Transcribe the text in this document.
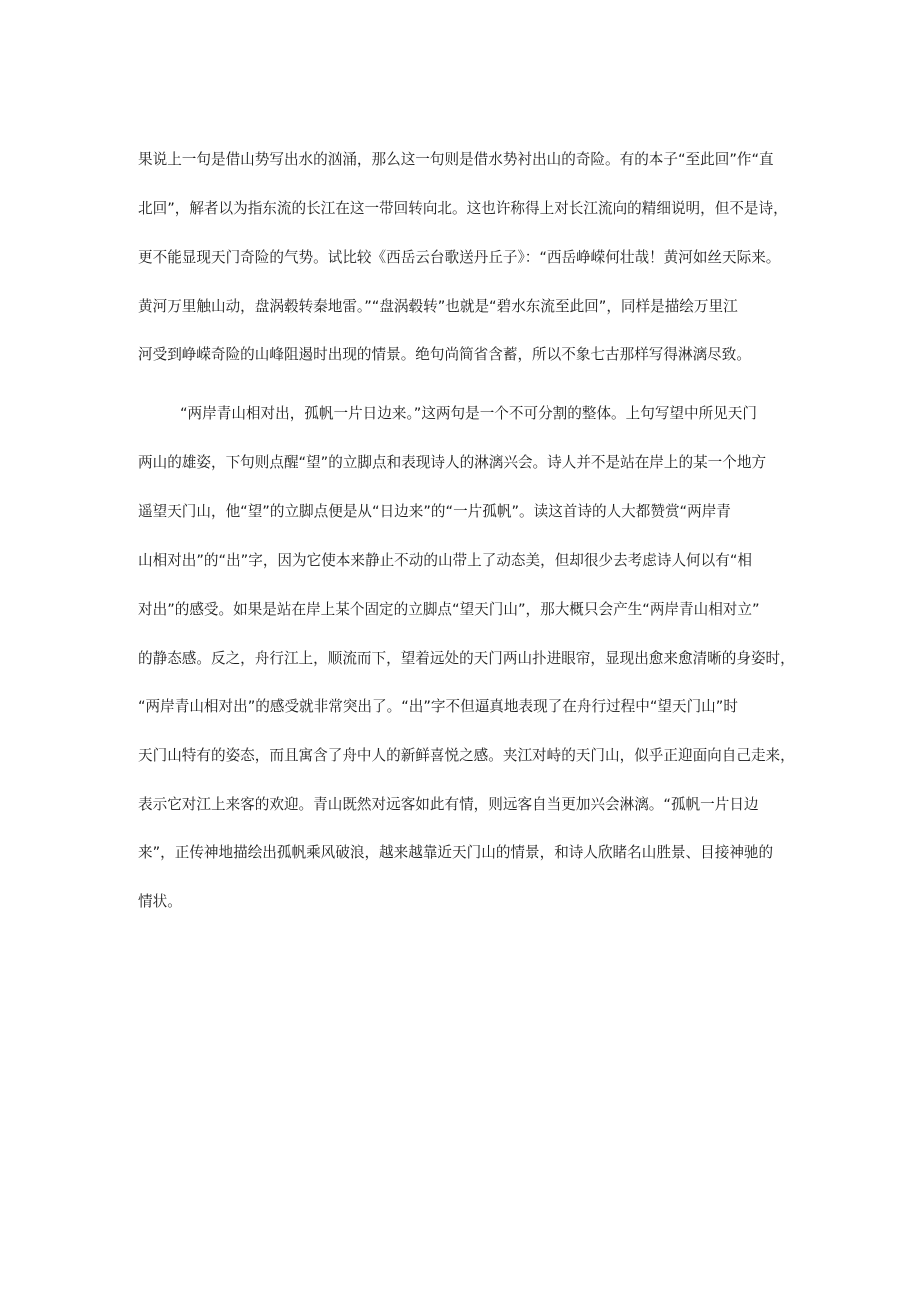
果说上一句是借山势写出水的汹涌，那么这一句则是借水势衬出山的奇险。有的本子“至此回”作“直
北回”，解者以为指东流的长江在这一带回转向北。这也许称得上对长江流向的精细说明，但不是诗，
更不能显现天门奇险的气势。试比较《西岳云台歌送丹丘子》：“西岳峥嵘何壮哉！黄河如丝天际来。
黄河万里触山动，盘涡毂转秦地雷。”“盘涡毂转”也就是“碧水东流至此回”，同样是描绘万里江
河受到峥嵘奇险的山峰阻遏时出现的情景。绝句尚简省含蓄，所以不象七古那样写得淋漓尽致。
“两岸青山相对出，孤帆一片日边来。”这两句是一个不可分割的整体。上句写望中所见天门
两山的雄姿，下句则点醒“望”的立脚点和表现诗人的淋漓兴会。诗人并不是站在岸上的某一个地方
遥望天门山，他“望”的立脚点便是从“日边来”的“一片孤帆”。读这首诗的人大都赞赏“两岸青
山相对出”的“出”字，因为它使本来静止不动的山带上了动态美，但却很少去考虑诗人何以有“相
对出”的感受。如果是站在岸上某个固定的立脚点“望天门山”，那大概只会产生“两岸青山相对立”
的静态感。反之，舟行江上，顺流而下，望着远处的天门两山扑进眼帘，显现出愈来愈清晰的身姿时，
“两岸青山相对出”的感受就非常突出了。“出”字不但逼真地表现了在舟行过程中“望天门山”时
天门山特有的姿态，而且寓含了舟中人的新鲜喜悦之感。夹江对峙的天门山，似乎正迎面向自己走来，
表示它对江上来客的欢迎。青山既然对远客如此有情，则远客自当更加兴会淋漓。“孤帆一片日边
来”，正传神地描绘出孤帆乘风破浪，越来越靠近天门山的情景，和诗人欣睹名山胜景、目接神驰的
情状。
